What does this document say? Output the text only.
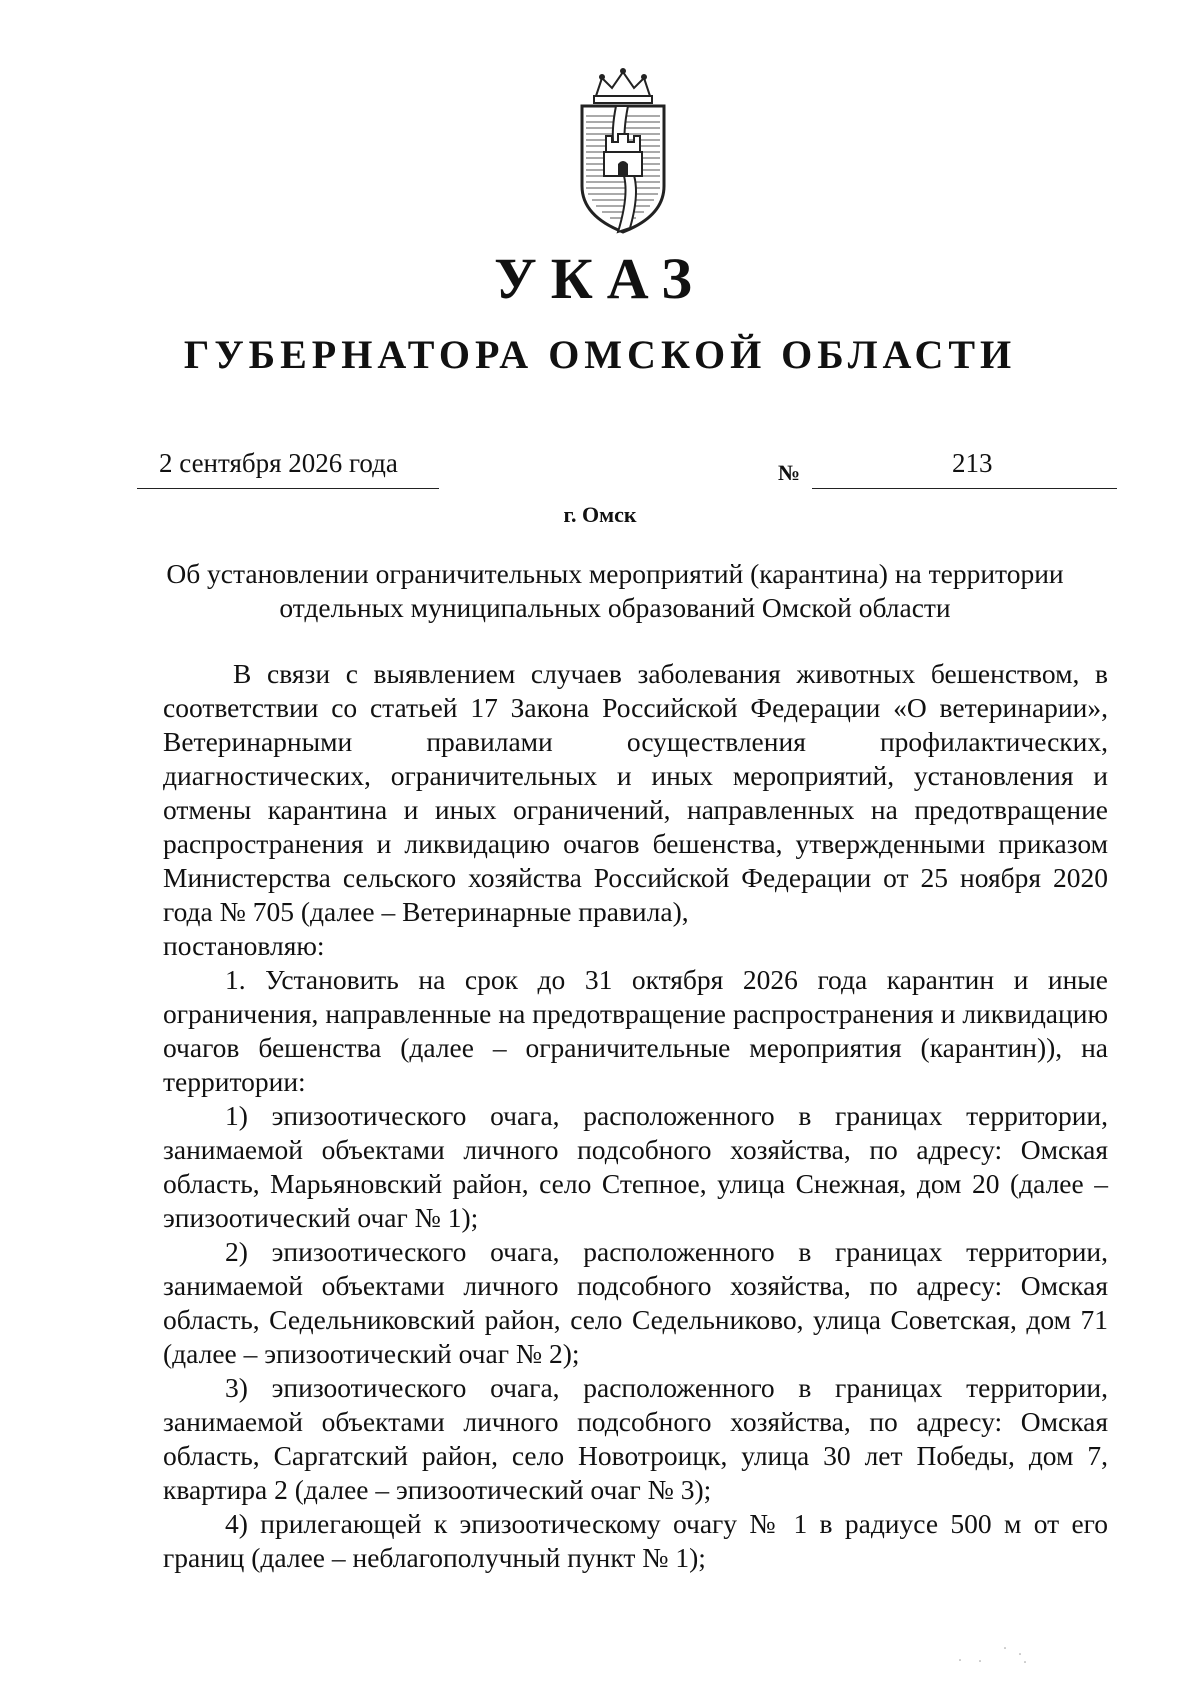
УКАЗ
ГУБЕРНАТОРА ОМСКОЙ ОБЛАСТИ
2 сентября 2026 года	№	213
г. Омск
Об установлении ограничительных мероприятий (карантина) на территории
отдельных муниципальных образований Омской области

В связи с выявлением случаев заболевания животных бешенством, в соответствии со статьей 17 Закона Российской Федерации «О ветеринарии», Ветеринарными правилами осуществления профилактических, диагностических, ограничительных и иных мероприятий, установления и отмены карантина и иных ограничений, направленных на предотвращение распространения и ликвидацию очагов бешенства, утвержденными приказом Министерства сельского хозяйства Российской Федерации от 25 ноября 2020 года № 705 (далее – Ветеринарные правила),

постановляю:

1. Установить на срок до 31 октября 2026 года карантин и иные ограничения, направленные на предотвращение распространения и ликвидацию очагов бешенства (далее – ограничительные мероприятия (карантин)), на территории:

1) эпизоотического очага, расположенного в границах территории, занимаемой объектами личного подсобного хозяйства, по адресу: Омская область, Марьяновский район, село Степное, улица Снежная, дом 20 (далее – эпизоотический очаг № 1);

2) эпизоотического очага, расположенного в границах территории, занимаемой объектами личного подсобного хозяйства, по адресу: Омская область, Седельниковский район, село Седельниково, улица Советская, дом 71 (далее – эпизоотический очаг № 2);

3) эпизоотического очага, расположенного в границах территории, занимаемой объектами личного подсобного хозяйства, по адресу: Омская область, Саргатский район, село Новотроицк, улица 30 лет Победы, дом 7, квартира 2 (далее – эпизоотический очаг № 3);

4) прилегающей к эпизоотическому очагу № 1 в радиусе 500 м от его границ (далее – неблагополучный пункт № 1);
